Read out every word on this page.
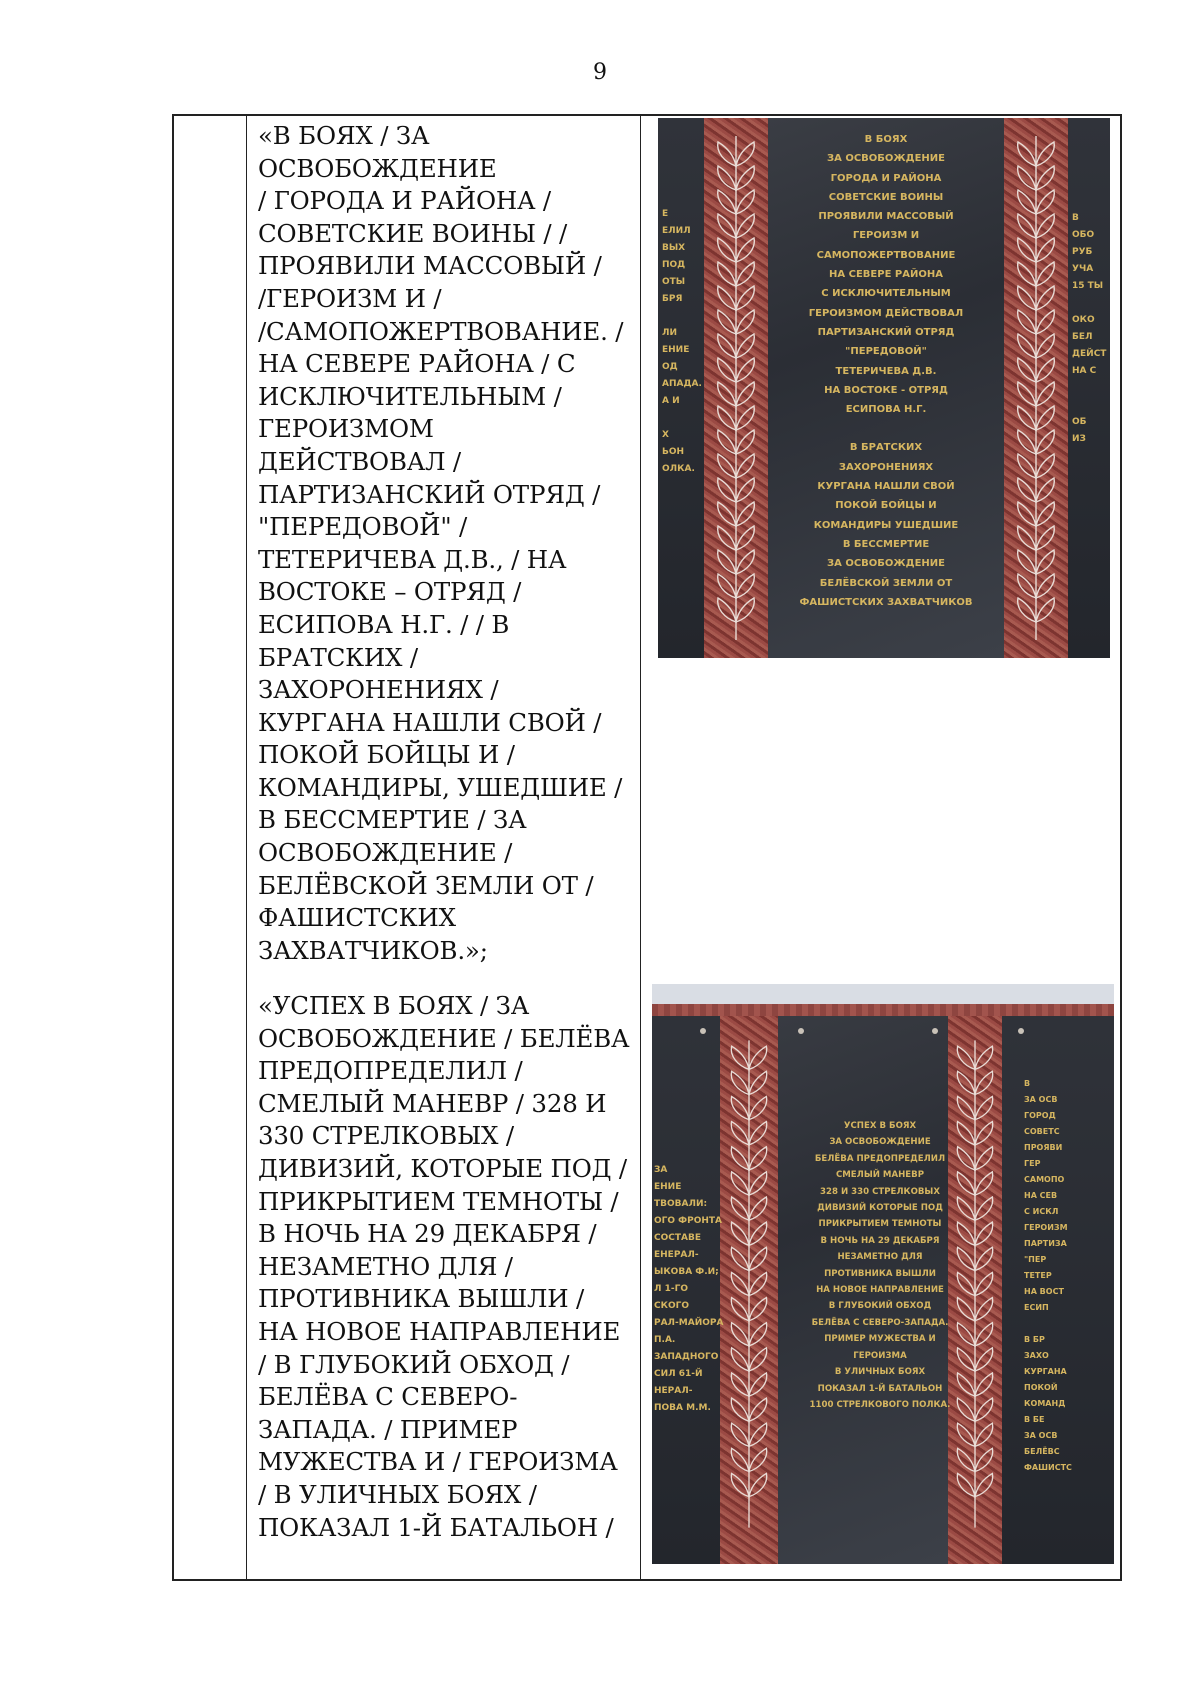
9
«В БОЯХ / ЗА
ОСВОБОЖДЕНИЕ
/ ГОРОДА И РАЙОНА /
СОВЕТСКИЕ ВОИНЫ / /
ПРОЯВИЛИ МАССОВЫЙ /
/ГЕРОИЗМ И /
/САМОПОЖЕРТВОВАНИЕ. /
НА СЕВЕРЕ РАЙОНА / С
ИСКЛЮЧИТЕЛЬНЫМ /
ГЕРОИЗМОМ
ДЕЙСТВОВАЛ /
ПАРТИЗАНСКИЙ ОТРЯД /
"ПЕРЕДОВОЙ" /
ТЕТЕРИЧЕВА Д.В., / НА
ВОСТОКЕ – ОТРЯД /
ЕСИПОВА Н.Г. / / В
БРАТСКИХ /
ЗАХОРОНЕНИЯХ /
КУРГАНА НАШЛИ СВОЙ /
ПОКОЙ БОЙЦЫ И /
КОМАНДИРЫ, УШЕДШИЕ /
В БЕССМЕРТИЕ / ЗА
ОСВОБОЖДЕНИЕ /
БЕЛЁВСКОЙ ЗЕМЛИ ОТ /
ФАШИСТСКИХ
ЗАХВАТЧИКОВ.»;
«УСПЕХ В БОЯХ / ЗА
ОСВОБОЖДЕНИЕ / БЕЛЁВА
ПРЕДОПРЕДЕЛИЛ /
СМЕЛЫЙ МАНЕВР / 328 И
330 СТРЕЛКОВЫХ /
ДИВИЗИЙ, КОТОРЫЕ ПОД /
ПРИКРЫТИЕМ ТЕМНОТЫ /
В НОЧЬ НА 29 ДЕКАБРЯ /
НЕЗАМЕТНО ДЛЯ /
ПРОТИВНИКА ВЫШЛИ /
НА НОВОЕ НАПРАВЛЕНИЕ
/ В ГЛУБОКИЙ ОБХОД /
БЕЛЁВА С СЕВЕРО-
ЗАПАДА. / ПРИМЕР
МУЖЕСТВА И / ГЕРОИЗМА
/ В УЛИЧНЫХ БОЯХ /
ПОКАЗАЛ 1-Й БАТАЛЬОН /
В БОЯХ
ЗА ОСВОБОЖДЕНИЕ
ГОРОДА И РАЙОНА
СОВЕТСКИЕ ВОИНЫ
ПРОЯВИЛИ МАССОВЫЙ
ГЕРОИЗМ И
САМОПОЖЕРТВОВАНИЕ
НА СЕВЕРЕ РАЙОНА
С ИСКЛЮЧИТЕЛЬНЫМ
ГЕРОИЗМОМ ДЕЙСТВОВАЛ
ПАРТИЗАНСКИЙ ОТРЯД
"ПЕРЕДОВОЙ"
ТЕТЕРИЧЕВА Д.В.
НА ВОСТОКЕ - ОТРЯД
ЕСИПОВА Н.Г.
В БРАТСКИХ
ЗАХОРОНЕНИЯХ
КУРГАНА НАШЛИ СВОЙ
ПОКОЙ БОЙЦЫ И
КОМАНДИРЫ УШЕДШИЕ
В БЕССМЕРТИЕ
ЗА ОСВОБОЖДЕНИЕ
БЕЛЁВСКОЙ ЗЕМЛИ ОТ
ФАШИСТСКИХ ЗАХВАТЧИКОВ
Е
ЕЛИЛ
ВЫХ
ПОД
ОТЫ
БРЯ

ЛИ
ЕНИЕ
ОД
АПАДА.
А И

Х
ЬОН
ОЛКА.
В
ОБО
РУБ
УЧА
15 ТЫ

ОКО
БЕЛ
ДЕЙСТ
НА С

ОБ
ИЗ
УСПЕХ В БОЯХ
ЗА ОСВОБОЖДЕНИЕ
БЕЛЁВА ПРЕДОПРЕДЕЛИЛ
СМЕЛЫЙ МАНЕВР
328 И 330 СТРЕЛКОВЫХ
ДИВИЗИЙ КОТОРЫЕ ПОД
ПРИКРЫТИЕМ ТЕМНОТЫ
В НОЧЬ НА 29 ДЕКАБРЯ
НЕЗАМЕТНО ДЛЯ
ПРОТИВНИКА ВЫШЛИ
НА НОВОЕ НАПРАВЛЕНИЕ
В ГЛУБОКИЙ ОБХОД
БЕЛЁВА С СЕВЕРО-ЗАПАДА.
ПРИМЕР МУЖЕСТВА И
ГЕРОИЗМА
В УЛИЧНЫХ БОЯХ
ПОКАЗАЛ 1-Й БАТАЛЬОН
1100 СТРЕЛКОВОГО ПОЛКА.
ЗА
ЕНИЕ
ТВОВАЛИ:
ОГО ФРОНТА
СОСТАВЕ
ЕНЕРАЛ-
ЫКОВА Ф.И;
Л 1-ГО
СКОГО
РАЛ-МАЙОРА
П.А.
ЗАПАДНОГО
СИЛ 61-Й
НЕРАЛ-
ПОВА М.М.
В
ЗА ОСВ
ГОРОД
СОВЕТС
ПРОЯВИ
ГЕР
САМОПО
НА СЕВ
С ИСКЛ
ГЕРОИЗМ
ПАРТИЗА
"ПЕР
ТЕТЕР
НА ВОСТ
ЕСИП

В БР
ЗАХО
КУРГАНА
ПОКОЙ
КОМАНД
В БЕ
ЗА ОСВ
БЕЛЁВС
ФАШИСТС
